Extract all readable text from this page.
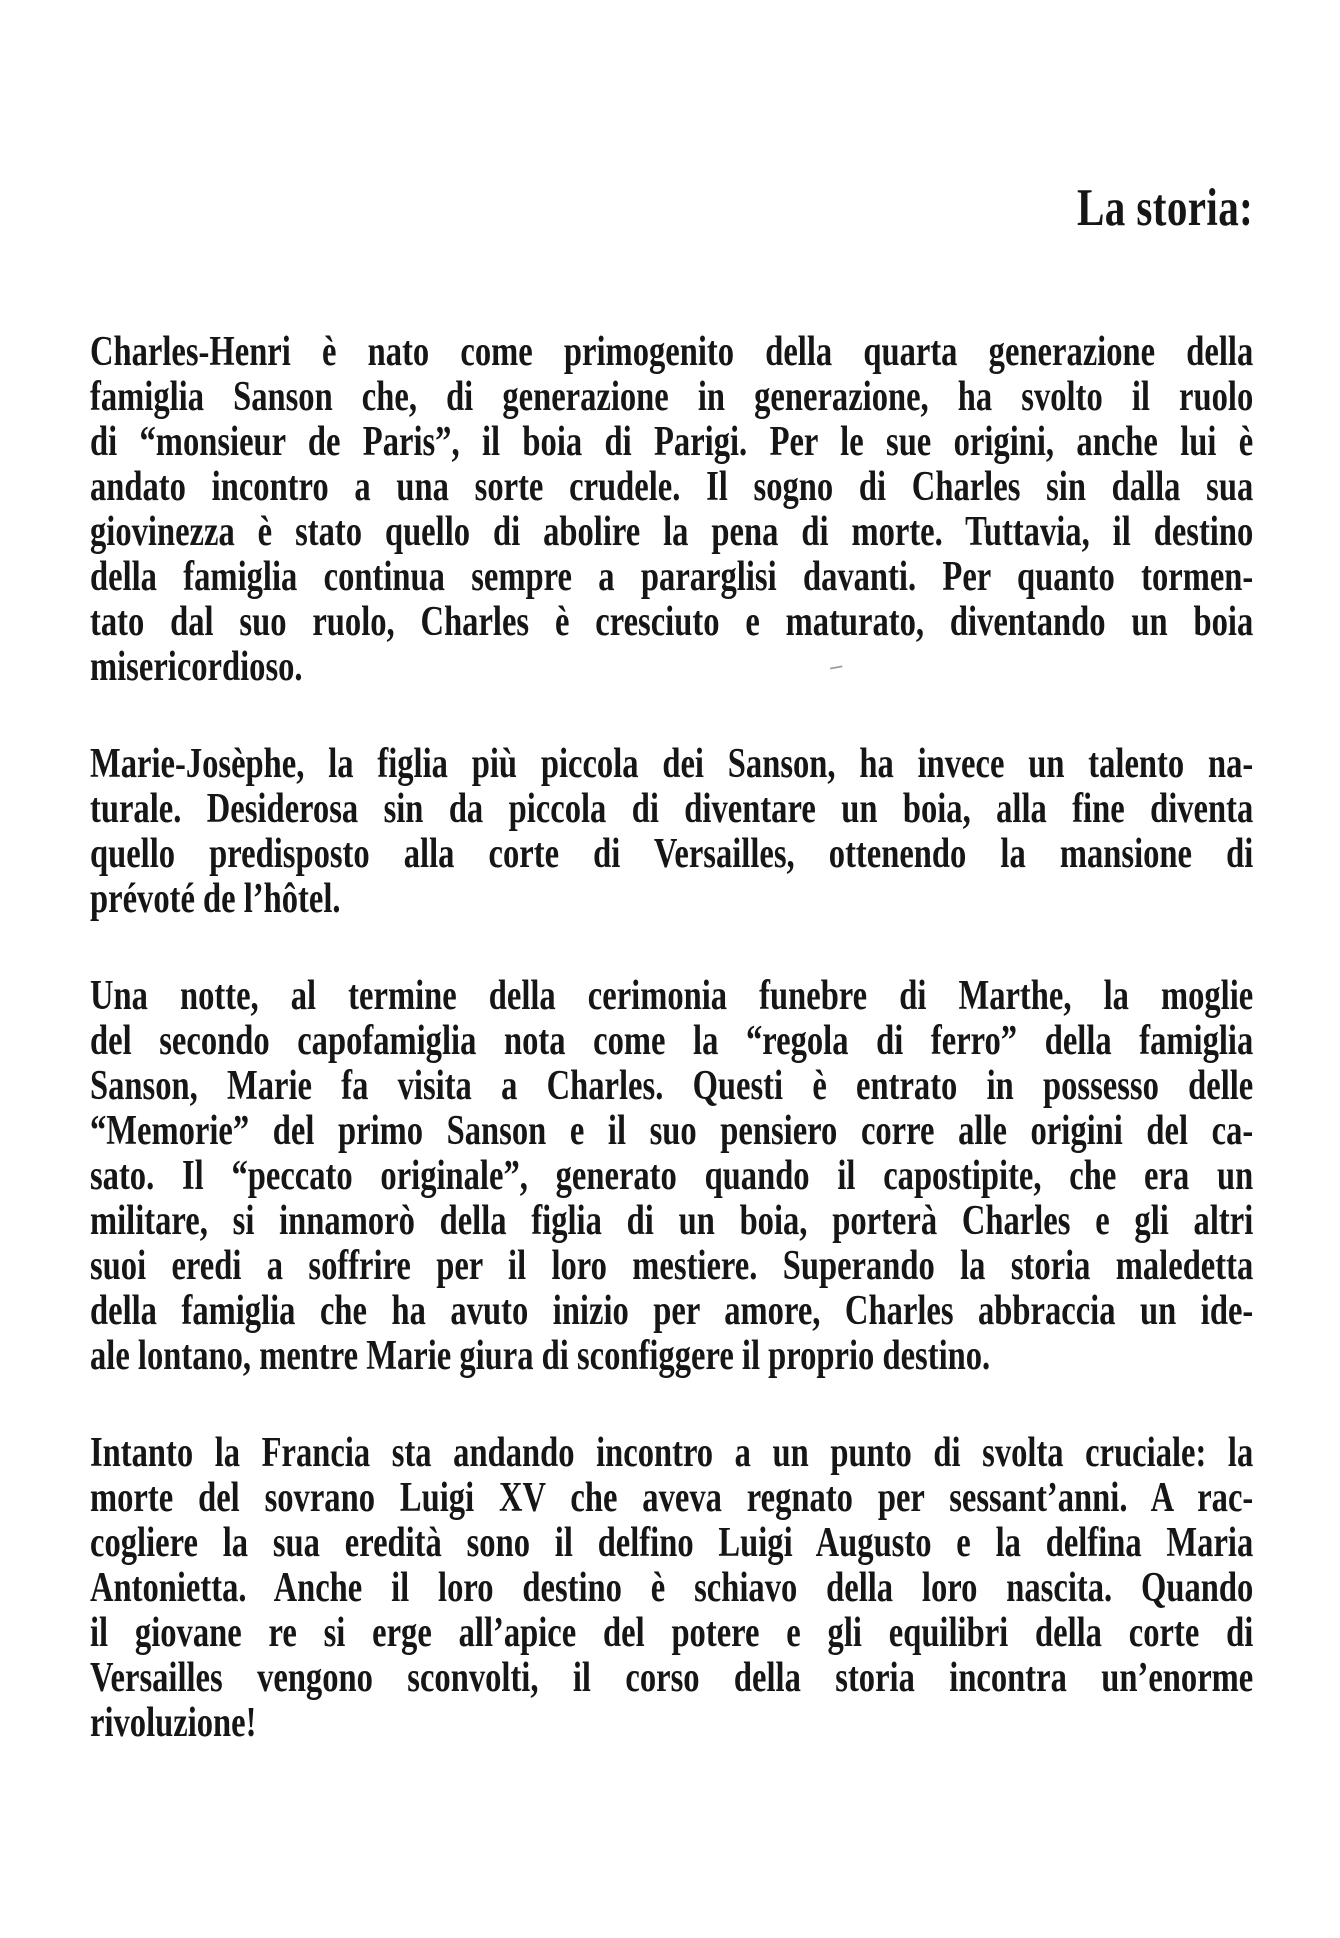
La storia:
Charles-Henri è nato come primogenito della quarta generazione della
famiglia Sanson che, di generazione in generazione, ha svolto il ruolo
di “monsieur de Paris”, il boia di Parigi. Per le sue origini, anche lui è
andato incontro a una sorte crudele. Il sogno di Charles sin dalla sua
giovinezza è stato quello di abolire la pena di morte. Tuttavia, il destino
della famiglia continua sempre a pararglisi davanti. Per quanto tormen-
tato dal suo ruolo, Charles è cresciuto e maturato, diventando un boia
misericordioso.
Marie-Josèphe, la figlia più piccola dei Sanson, ha invece un talento na-
turale. Desiderosa sin da piccola di diventare un boia, alla fine diventa
quello predisposto alla corte di Versailles, ottenendo la mansione di
prévoté de l’hôtel.
Una notte, al termine della cerimonia funebre di Marthe, la moglie
del secondo capofamiglia nota come la “regola di ferro” della famiglia
Sanson, Marie fa visita a Charles. Questi è entrato in possesso delle
“Memorie” del primo Sanson e il suo pensiero corre alle origini del ca-
sato. Il “peccato originale”, generato quando il capostipite, che era un
militare, si innamorò della figlia di un boia, porterà Charles e gli altri
suoi eredi a soffrire per il loro mestiere. Superando la storia maledetta
della famiglia che ha avuto inizio per amore, Charles abbraccia un ide-
ale lontano, mentre Marie giura di sconfiggere il proprio destino.
Intanto la Francia sta andando incontro a un punto di svolta cruciale: la
morte del sovrano Luigi XV che aveva regnato per sessant’anni. A rac-
cogliere la sua eredità sono il delfino Luigi Augusto e la delfina Maria
Antonietta. Anche il loro destino è schiavo della loro nascita. Quando
il giovane re si erge all’apice del potere e gli equilibri della corte di
Versailles vengono sconvolti, il corso della storia incontra un’enorme
rivoluzione!
–
